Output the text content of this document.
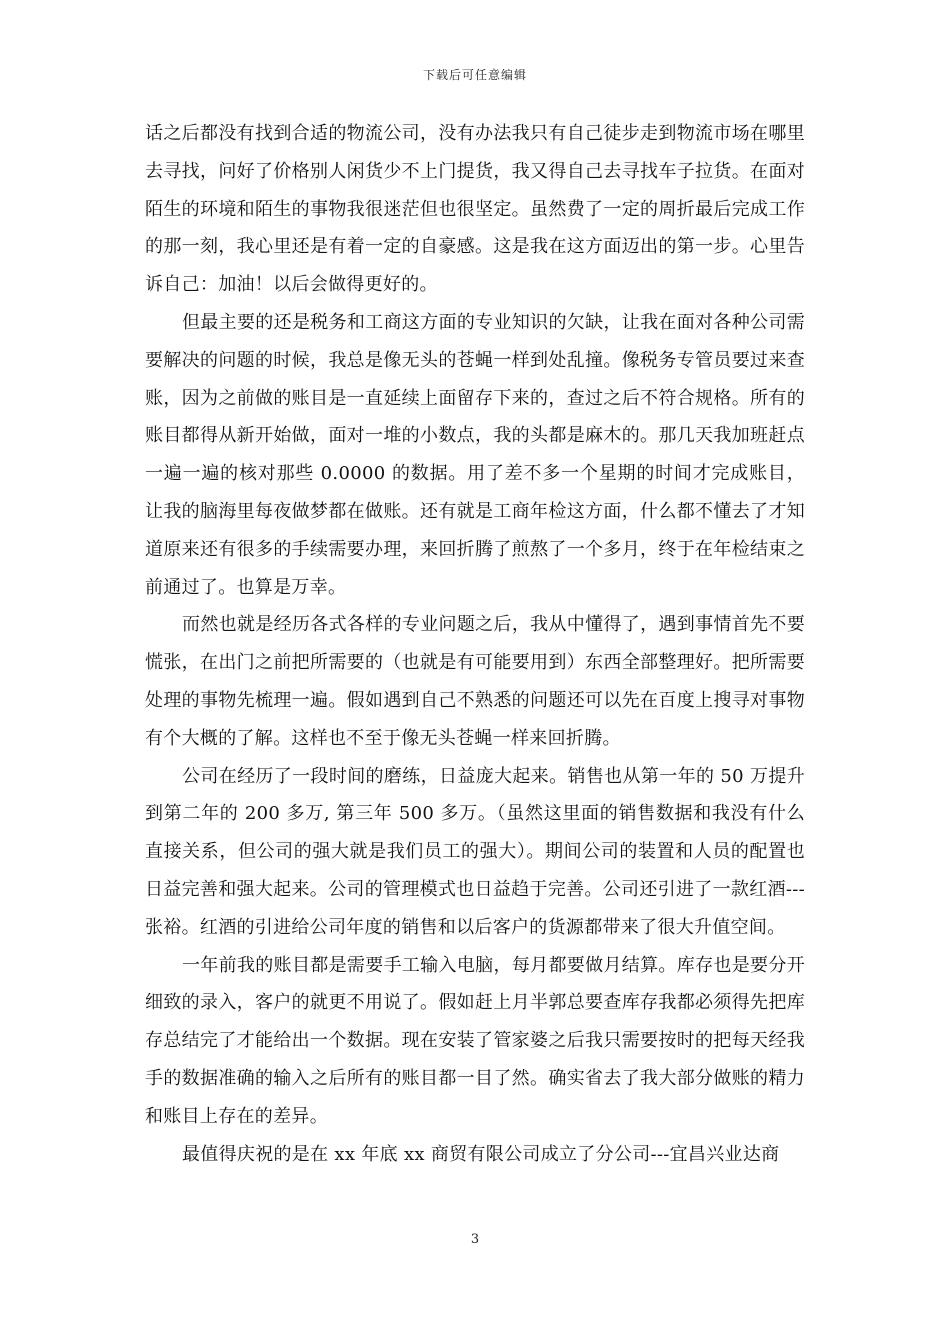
下载后可任意编辑

话之后都没有找到合适的物流公司，没有办法我只有自己徒步走到物流市场在哪里去寻找，问好了价格别人闲货少不上门提货，我又得自己去寻找车子拉货。在面对陌生的环境和陌生的事物我很迷茫但也很坚定。虽然费了一定的周折最后完成工作的那一刻，我心里还是有着一定的自豪感。这是我在这方面迈出的第一步。心里告诉自己：加油！以后会做得更好的。

但最主要的还是税务和工商这方面的专业知识的欠缺，让我在面对各种公司需要解决的问题的时候，我总是像无头的苍蝇一样到处乱撞。像税务专管员要过来查账，因为之前做的账目是一直延续上面留存下来的，查过之后不符合规格。所有的账目都得从新开始做，面对一堆的小数点，我的头都是麻木的。那几天我加班赶点一遍一遍的核对那些 0.0000 的数据。用了差不多一个星期的时间才完成账目，让我的脑海里每夜做梦都在做账。还有就是工商年检这方面，什么都不懂去了才知道原来还有很多的手续需要办理，来回折腾了煎熬了一个多月，终于在年检结束之前通过了。也算是万幸。

而然也就是经历各式各样的专业问题之后，我从中懂得了，遇到事情首先不要慌张，在出门之前把所需要的（也就是有可能要用到）东西全部整理好。把所需要处理的事物先梳理一遍。假如遇到自己不熟悉的问题还可以先在百度上搜寻对事物有个大概的了解。这样也不至于像无头苍蝇一样来回折腾。

公司在经历了一段时间的磨练，日益庞大起来。销售也从第一年的 50 万提升到第二年的 200 多万, 第三年 500 多万。（虽然这里面的销售数据和我没有什么直接关系，但公司的强大就是我们员工的强大）。期间公司的装置和人员的配置也日益完善和强大起来。公司的管理模式也日益趋于完善。公司还引进了一款红酒---张裕。红酒的引进给公司年度的销售和以后客户的货源都带来了很大升值空间。

一年前我的账目都是需要手工输入电脑，每月都要做月结算。库存也是要分开细致的录入，客户的就更不用说了。假如赶上月半郭总要查库存我都必须得先把库存总结完了才能给出一个数据。现在安装了管家婆之后我只需要按时的把每天经我手的数据准确的输入之后所有的账目都一目了然。确实省去了我大部分做账的精力和账目上存在的差异。

最值得庆祝的是在 xx 年底 xx 商贸有限公司成立了分公司---宜昌兴业达商

3
